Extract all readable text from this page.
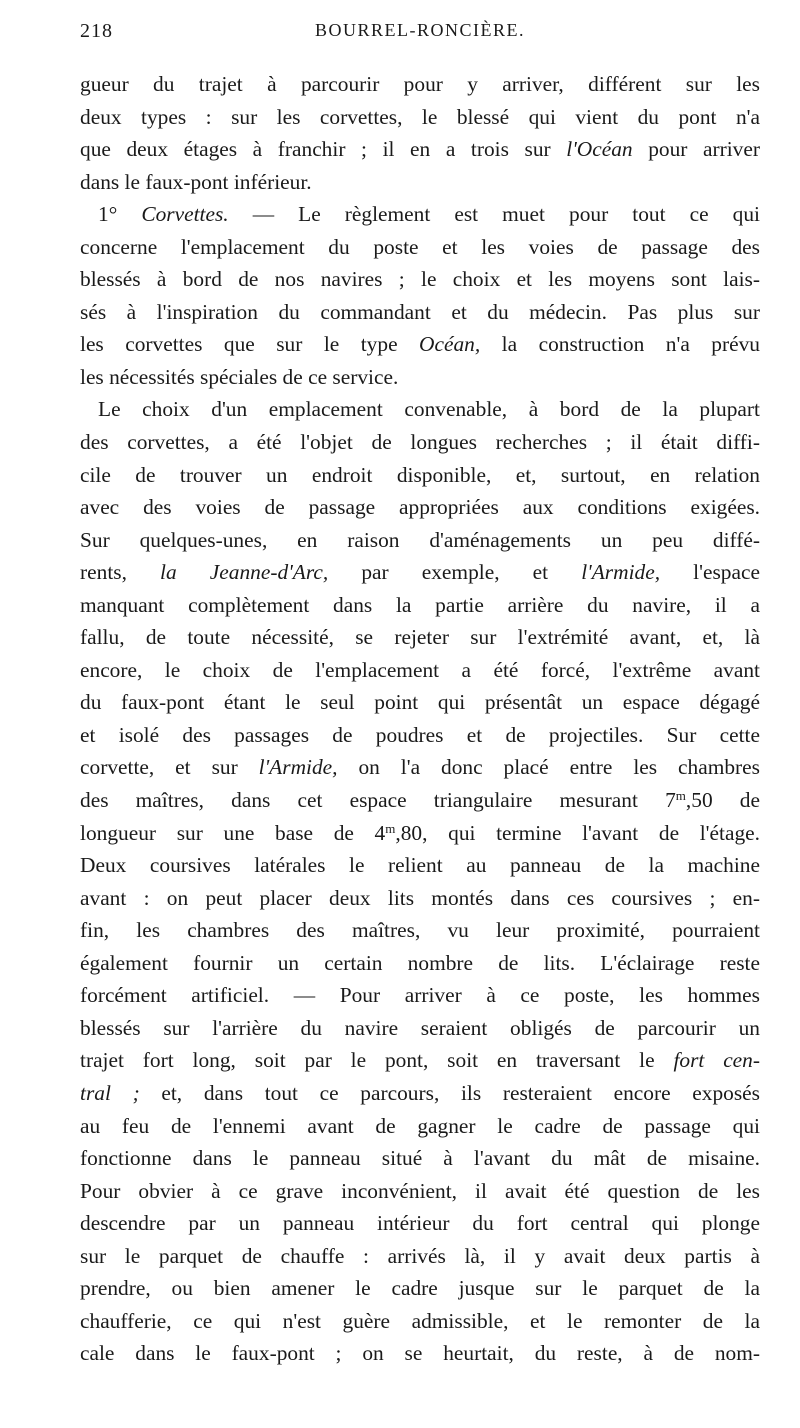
218	BOURREL-RONCIÈRE.
gueur du trajet à parcourir pour y arriver, différent sur les
deux types : sur les corvettes, le blessé qui vient du pont n'a
que deux étages à franchir ; il en a trois sur l'Océan pour arriver
dans le faux-pont inférieur.
1° Corvettes. — Le règlement est muet pour tout ce qui
concerne l'emplacement du poste et les voies de passage des
blessés à bord de nos navires ; le choix et les moyens sont lais-
sés à l'inspiration du commandant et du médecin. Pas plus sur
les corvettes que sur le type Océan, la construction n'a prévu
les nécessités spéciales de ce service.
Le choix d'un emplacement convenable, à bord de la plupart
des corvettes, a été l'objet de longues recherches ; il était diffi-
cile de trouver un endroit disponible, et, surtout, en relation
avec des voies de passage appropriées aux conditions exigées.
Sur quelques-unes, en raison d'aménagements un peu diffé-
rents, la Jeanne-d'Arc, par exemple, et l'Armide, l'espace
manquant complètement dans la partie arrière du navire, il a
fallu, de toute nécessité, se rejeter sur l'extrémité avant, et, là
encore, le choix de l'emplacement a été forcé, l'extrême avant
du faux-pont étant le seul point qui présentât un espace dégagé
et isolé des passages de poudres et de projectiles. Sur cette
corvette, et sur l'Armide, on l'a donc placé entre les chambres
des maîtres, dans cet espace triangulaire mesurant 7$^m$,50 de
longueur sur une base de 4$^m$,80, qui termine l'avant de l'étage.
Deux coursives latérales le relient au panneau de la machine
avant : on peut placer deux lits montés dans ces coursives ; en-
fin, les chambres des maîtres, vu leur proximité, pourraient
également fournir un certain nombre de lits. L'éclairage reste
forcément artificiel. — Pour arriver à ce poste, les hommes
blessés sur l'arrière du navire seraient obligés de parcourir un
trajet fort long, soit par le pont, soit en traversant le fort cen-
tral ; et, dans tout ce parcours, ils resteraient encore exposés
au feu de l'ennemi avant de gagner le cadre de passage qui
fonctionne dans le panneau situé à l'avant du mât de misaine.
Pour obvier à ce grave inconvénient, il avait été question de les
descendre par un panneau intérieur du fort central qui plonge
sur le parquet de chauffe : arrivés là, il y avait deux partis à
prendre, ou bien amener le cadre jusque sur le parquet de la
chaufferie, ce qui n'est guère admissible, et le remonter de la
cale dans le faux-pont ; on se heurtait, du reste, à de nom-
